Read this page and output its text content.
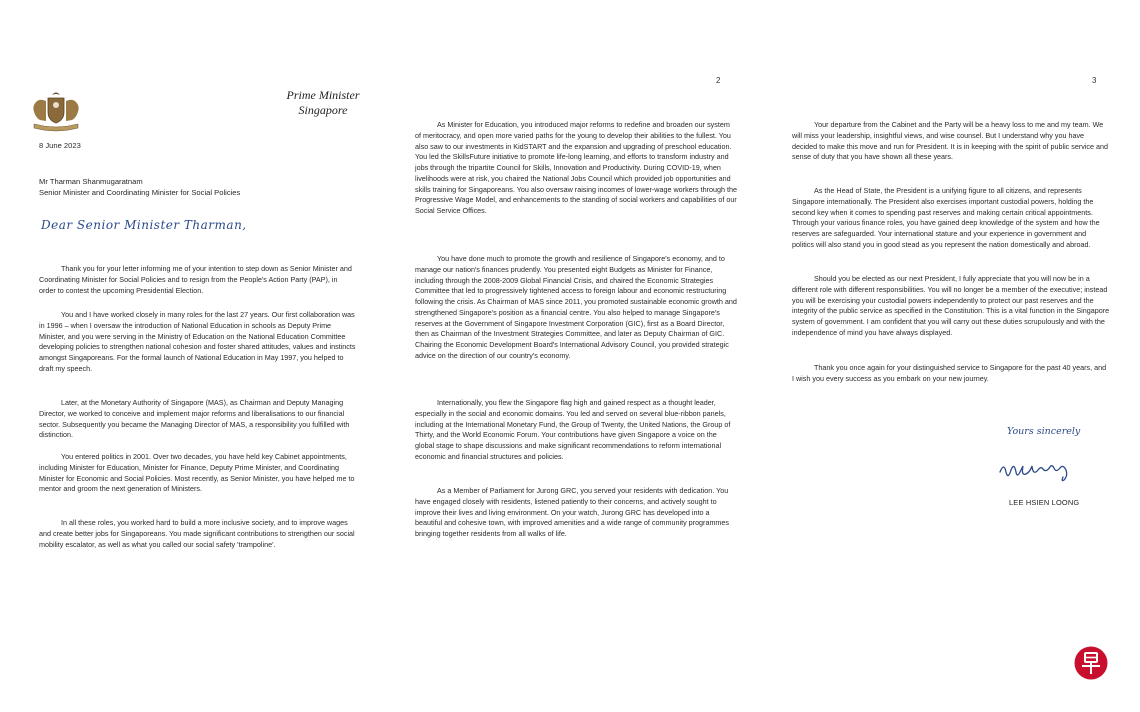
Prime Minister
Singapore
8 June 2023
Mr Tharman Shanmugaratnam
Senior Minister and Coordinating Minister for Social Policies
Dear Senior Minister Tharman,

Thank you for your letter informing me of your intention to step down as Senior Minister and Coordinating Minister for Social Policies and to resign from the People's Action Party (PAP), in order to contest the upcoming Presidential Election.

You and I have worked closely in many roles for the last 27 years. Our first collaboration was in 1996 – when I oversaw the introduction of National Education in schools as Deputy Prime Minister, and you were serving in the Ministry of Education on the National Education Committee developing policies to strengthen national cohesion and foster shared attitudes, values and instincts amongst Singaporeans. For the formal launch of National Education in May 1997, you helped to draft my speech.

Later, at the Monetary Authority of Singapore (MAS), as Chairman and Deputy Managing Director, we worked to conceive and implement major reforms and liberalisations to our financial sector. Subsequently you became the Managing Director of MAS, a responsibility you fulfilled with distinction.

You entered politics in 2001. Over two decades, you have held key Cabinet appointments, including Minister for Education, Minister for Finance, Deputy Prime Minister, and Coordinating Minister for Economic and Social Policies. Most recently, as Senior Minister, you have helped me to mentor and groom the next generation of Ministers.

In all these roles, you worked hard to build a more inclusive society, and to improve wages and create better jobs for Singaporeans. You made significant contributions to strengthen our social mobility escalator, as well as what you called our social safety 'trampoline'.

2

As Minister for Education, you introduced major reforms to redefine and broaden our system of meritocracy, and open more varied paths for the young to develop their abilities to the fullest. You also saw to our investments in KidSTART and the expansion and upgrading of preschool education. You led the SkillsFuture initiative to promote life-long learning, and efforts to transform industry and jobs through the tripartite Council for Skills, Innovation and Productivity. During COVID-19, when livelihoods were at risk, you chaired the National Jobs Council which provided job opportunities and skills training for Singaporeans. You also oversaw raising incomes of lower-wage workers through the Progressive Wage Model, and enhancements to the standing of social workers and capabilities of our Social Service Offices.

You have done much to promote the growth and resilience of Singapore's economy, and to manage our nation's finances prudently. You presented eight Budgets as Minister for Finance, including through the 2008-2009 Global Financial Crisis, and chaired the Economic Strategies Committee that led to progressively tightened access to foreign labour and economic restructuring following the crisis. As Chairman of MAS since 2011, you promoted sustainable economic growth and strengthened Singapore's position as a financial centre. You also helped to manage Singapore's reserves at the Government of Singapore Investment Corporation (GIC), first as a Board Director, then as Chairman of the Investment Strategies Committee, and later as Deputy Chairman of GIC. Chairing the Economic Development Board's International Advisory Council, you provided strategic advice on the direction of our country's economy.

Internationally, you flew the Singapore flag high and gained respect as a thought leader, especially in the social and economic domains. You led and served on several blue-ribbon panels, including at the International Monetary Fund, the Group of Twenty, the United Nations, the Group of Thirty, and the World Economic Forum. Your contributions have given Singapore a voice on the global stage to shape discussions and make significant recommendations to reform international economic and financial structures and policies.

As a Member of Parliament for Jurong GRC, you served your residents with dedication. You have engaged closely with residents, listened patiently to their concerns, and actively sought to improve their lives and living environment. On your watch, Jurong GRC has developed into a beautiful and cohesive town, with improved amenities and a wide range of community programmes bringing together residents from all walks of life.

3

Your departure from the Cabinet and the Party will be a heavy loss to me and my team. We will miss your leadership, insightful views, and wise counsel. But I understand why you have decided to make this move and run for President. It is in keeping with the spirit of public service and sense of duty that you have shown all these years.

As the Head of State, the President is a unifying figure to all citizens, and represents Singapore internationally. The President also exercises important custodial powers, holding the second key when it comes to spending past reserves and making certain critical appointments. Through your various finance roles, you have gained deep knowledge of the system and how the reserves are safeguarded. Your international stature and your experience in government and politics will also stand you in good stead as you represent the nation domestically and abroad.

Should you be elected as our next President, I fully appreciate that you will now be in a different role with different responsibilities. You will no longer be a member of the executive; instead you will be exercising your custodial powers independently to protect our past reserves and the integrity of the public service as specified in the Constitution. This is a vital function in the Singapore system of government. I am confident that you will carry out these duties scrupulously and with the independence of mind you have always displayed.

Thank you once again for your distinguished service to Singapore for the past 40 years, and I wish you every success as you embark on your new journey.

Yours sincerely
LEE HSIEN LOONG
